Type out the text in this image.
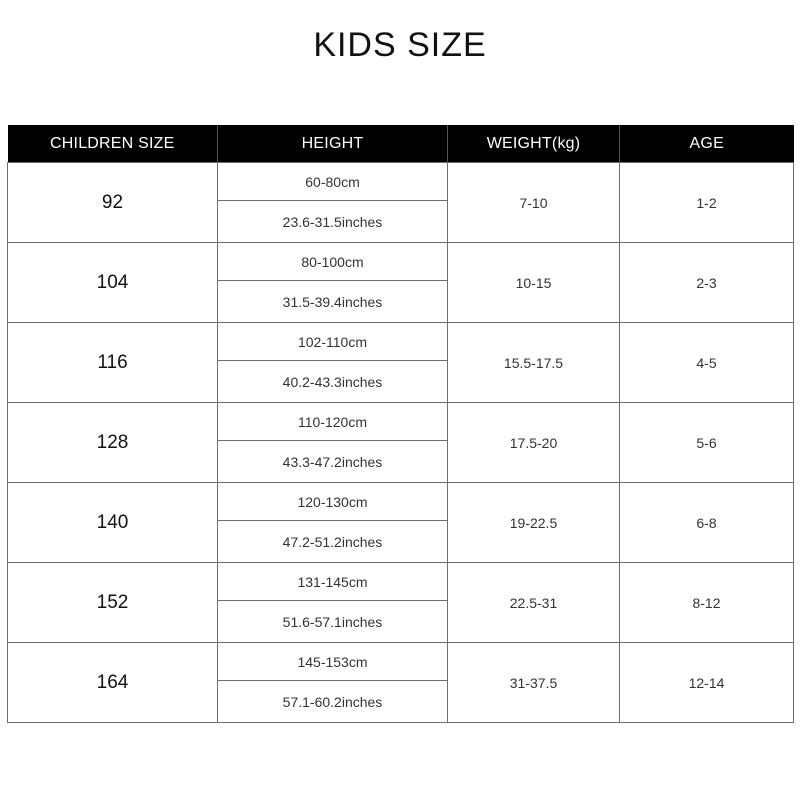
KIDS SIZE
CHILDREN SIZE	HEIGHT	WEIGHT(kg)	AGE
92	60-80cm	7-10	1-2
	23.6-31.5inches		
104	80-100cm	10-15	2-3
	31.5-39.4inches		
116	102-110cm	15.5-17.5	4-5
	40.2-43.3inches		
128	110-120cm	17.5-20	5-6
	43.3-47.2inches		
140	120-130cm	19-22.5	6-8
	47.2-51.2inches		
152	131-145cm	22.5-31	8-12
	51.6-57.1inches		
164	145-153cm	31-37.5	12-14
	57.1-60.2inches		
